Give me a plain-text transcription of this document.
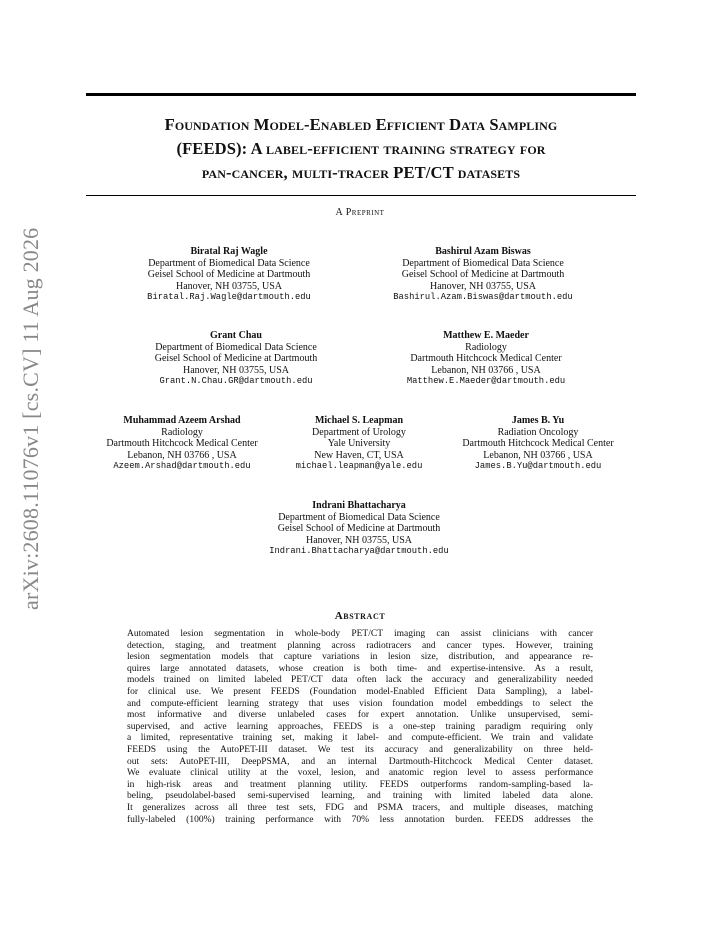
arXiv:2608.11076v1 [cs.CV] 11 Aug 2026
Foundation Model-Enabled Efficient Data Sampling
(FEEDS): A label-efficient training strategy for
pan-cancer, multi-tracer PET/CT datasets
A Preprint
Biratal Raj Wagle
Department of Biomedical Data Science
Geisel School of Medicine at Dartmouth
Hanover, NH 03755, USA
Biratal.Raj.Wagle@dartmouth.edu
Bashirul Azam Biswas
Department of Biomedical Data Science
Geisel School of Medicine at Dartmouth
Hanover, NH 03755, USA
Bashirul.Azam.Biswas@dartmouth.edu
Grant Chau
Department of Biomedical Data Science
Geisel School of Medicine at Dartmouth
Hanover, NH 03755, USA
Grant.N.Chau.GR@dartmouth.edu
Matthew E. Maeder
Radiology
Dartmouth Hitchcock Medical Center
Lebanon, NH 03766 , USA
Matthew.E.Maeder@dartmouth.edu
Muhammad Azeem Arshad
Radiology
Dartmouth Hitchcock Medical Center
Lebanon, NH 03766 , USA
Azeem.Arshad@dartmouth.edu
Michael S. Leapman
Department of Urology
Yale University
New Haven, CT, USA
michael.leapman@yale.edu
James B. Yu
Radiation Oncology
Dartmouth Hitchcock Medical Center
Lebanon, NH 03766 , USA
James.B.Yu@dartmouth.edu
Indrani Bhattacharya
Department of Biomedical Data Science
Geisel School of Medicine at Dartmouth
Hanover, NH 03755, USA
Indrani.Bhattacharya@dartmouth.edu
Abstract
Automated lesion segmentation in whole-body PET/CT imaging can assist clinicians with cancer
detection, staging, and treatment planning across radiotracers and cancer types. However, training
lesion segmentation models that capture variations in lesion size, distribution, and appearance re-
quires large annotated datasets, whose creation is both time- and expertise-intensive. As a result,
models trained on limited labeled PET/CT data often lack the accuracy and generalizability needed
for clinical use. We present FEEDS (Foundation model-Enabled Efficient Data Sampling), a label-
and compute-efficient learning strategy that uses vision foundation model embeddings to select the
most informative and diverse unlabeled cases for expert annotation. Unlike unsupervised, semi-
supervised, and active learning approaches, FEEDS is a one-step training paradigm requiring only
a limited, representative training set, making it label- and compute-efficient. We train and validate
FEEDS using the AutoPET-III dataset. We test its accuracy and generalizability on three held-
out sets: AutoPET-III, DeepPSMA, and an internal Dartmouth-Hitchcock Medical Center dataset.
We evaluate clinical utility at the voxel, lesion, and anatomic region level to assess performance
in high-risk areas and treatment planning utility. FEEDS outperforms random-sampling-based la-
beling, pseudolabel-based semi-supervised learning, and training with limited labeled data alone.
It generalizes across all three test sets, FDG and PSMA tracers, and multiple diseases, matching
fully-labeled (100%) training performance with 70% less annotation burden. FEEDS addresses the
